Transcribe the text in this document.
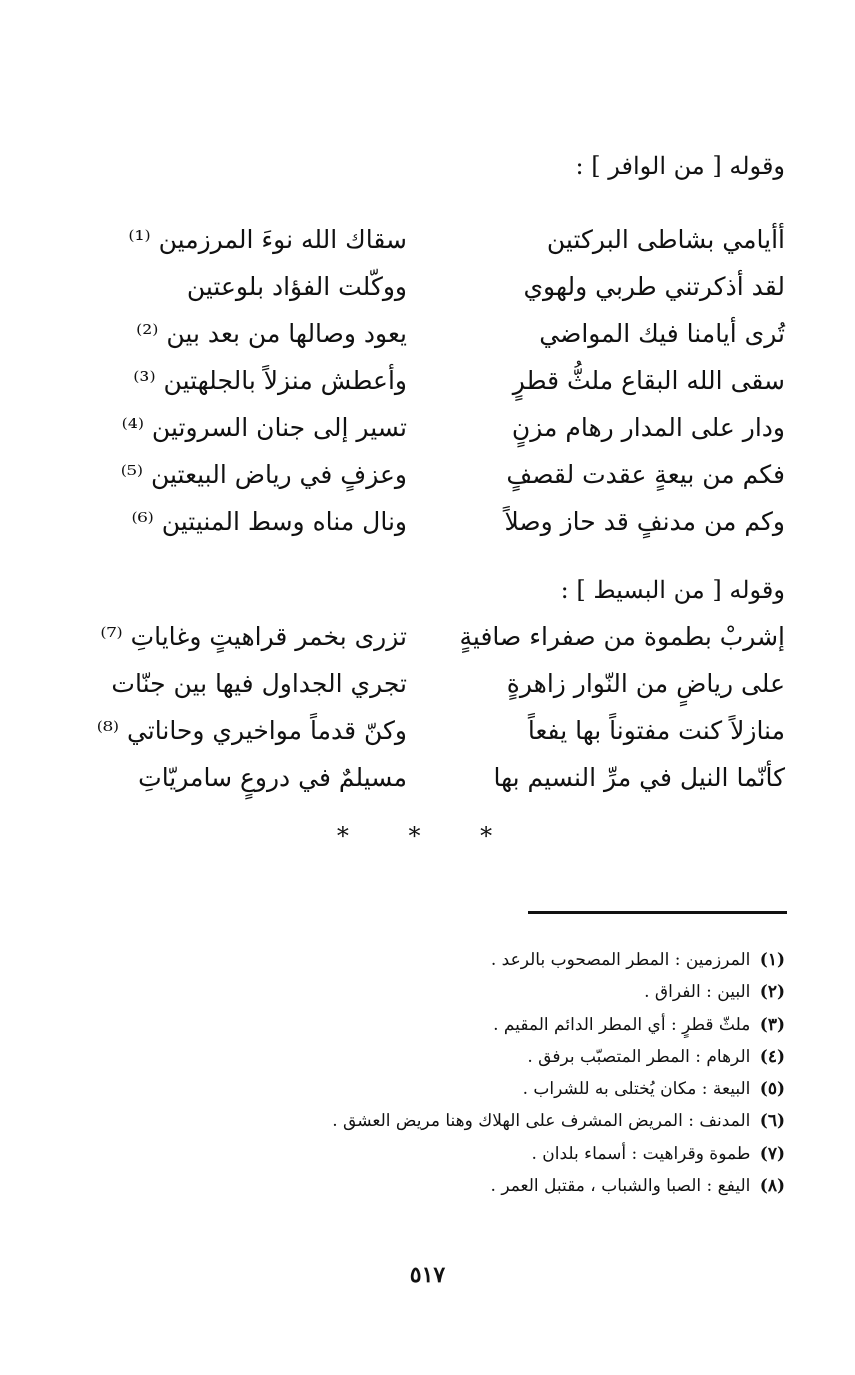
وقوله [ من الوافر ] :
أأيامي بشاطى البركتين
سقاك الله نوءَ المرزمين ⁽¹⁾
لقد أذكرتني طربي ولهوي
ووكّلت الفؤاد بلوعتين
تُرى أيامنا فيك المواضي
يعود وصالها من بعد بين ⁽²⁾
سقى الله البقاع ملثُّ قطرٍ
وأعطش منزلاً بالجلهتين ⁽³⁾
ودار على المدار رهام مزنٍ
تسير إلى جنان السروتين ⁽⁴⁾
فكم من بيعةٍ عقدت لقصفٍ
وعزفٍ في رياض البيعتين ⁽⁵⁾
وكم من مدنفٍ قد حاز وصلاً
ونال مناه وسط المنيتين ⁽⁶⁾
وقوله [ من البسيط ] :
إشربْ بطموة من صفراء صافيةٍ
تزرى بخمر قراهيتٍ وغاياتِ ⁽⁷⁾
على رياضٍ من النّوار زاهرةٍ
تجري الجداول فيها بين جنّات
منازلاً كنت مفتوناً بها يفعاً
وكنّ قدماً مواخيري وحاناتي ⁽⁸⁾
كأنّما النيل في مرِّ النسيم بها
مسيلمٌ في دروعٍ سامريّاتِ
* * *
(١) المرزمين : المطر المصحوب بالرعد .
(٢) البين : الفراق .
(٣) ملثّ قطرٍ : أي المطر الدائم المقيم .
(٤) الرهام : المطر المتصبّب برفق .
(٥) البيعة : مكان يُختلى به للشراب .
(٦) المدنف : المريض المشرف على الهلاك وهنا مريض العشق .
(٧) طموة وقراهيت : أسماء بلدان .
(٨) اليفع : الصبا والشباب ، مقتبل العمر .
٥١٧
